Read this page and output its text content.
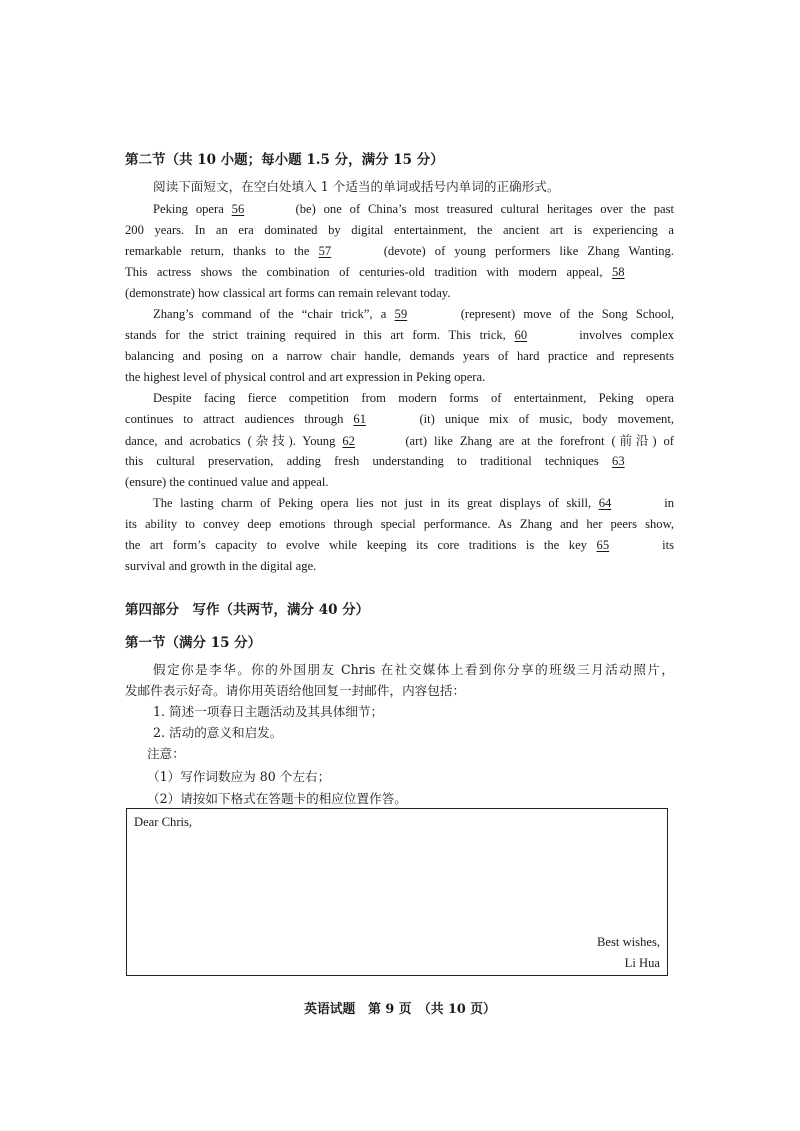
第二节（共 10 小题；每小题 1.5 分，满分 15 分）
阅读下面短文，在空白处填入 1 个适当的单词或括号内单词的正确形式。
Peking opera 56	(be) one of China’s most treasured cultural heritages over the past
200 years. In an era dominated by digital entertainment, the ancient art is experiencing a
remarkable return, thanks to the 57	(devote) of young performers like Zhang Wanting.
This actress shows the combination of centuries-old tradition with modern appeal, 58
(demonstrate) how classical art forms can remain relevant today.
Zhang’s command of the “chair trick”, a 59	(represent) move of the Song School,
stands for the strict training required in this art form. This trick, 60	involves complex
balancing and posing on a narrow chair handle, demands years of hard practice and represents
the highest level of physical control and art expression in Peking opera.
Despite facing fierce competition from modern forms of entertainment, Peking opera
continues to attract audiences through 61	(it) unique mix of music, body movement,
dance, and acrobatics (杂技). Young 62	(art) like Zhang are at the forefront (前沿) of
this cultural preservation, adding fresh understanding to traditional techniques 63
(ensure) the continued value and appeal.
The lasting charm of Peking opera lies not just in its great displays of skill, 64	in
its ability to convey deep emotions through special performance. As Zhang and her peers show,
the art form’s capacity to evolve while keeping its core traditions is the key 65	its
survival and growth in the digital age.
第四部分　写作（共两节，满分 40 分）
第一节（满分 15 分）
假定你是李华。你的外国朋友 Chris 在社交媒体上看到你分享的班级三月活动照片，
发邮件表示好奇。请你用英语给他回复一封邮件，内容包括：
1. 简述一项春日主题活动及其具体细节；
2. 活动的意义和启发。
注意：
（1）写作词数应为 80 个左右；
（2）请按如下格式在答题卡的相应位置作答。
Dear Chris,
Best wishes,
Li Hua
英语试题　第 9 页　（共 10 页）
